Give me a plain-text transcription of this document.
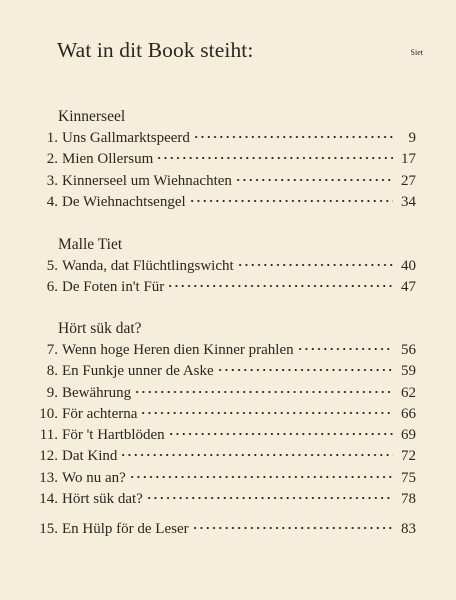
Wat in dit Book steiht:	Siet
Kinnerseel
1. Uns Gallmarktspeerd	9
2. Mien Ollersum	17
3. Kinnerseel um Wiehnachten	27
4. De Wiehnachtsengel	34
Malle Tiet
5. Wanda, dat Flüchtlingswicht	40
6. De Foten in't Für	47
Hört sük dat?
7. Wenn hoge Heren dien Kinner prahlen	56
8. En Funkje unner de Aske	59
9. Bewährung	62
10. För achterna	66
11. För 't Hartblöden	69
12. Dat Kind	72
13. Wo nu an?	75
14. Hört sük dat?	78
15. En Hülp för de Leser	83
